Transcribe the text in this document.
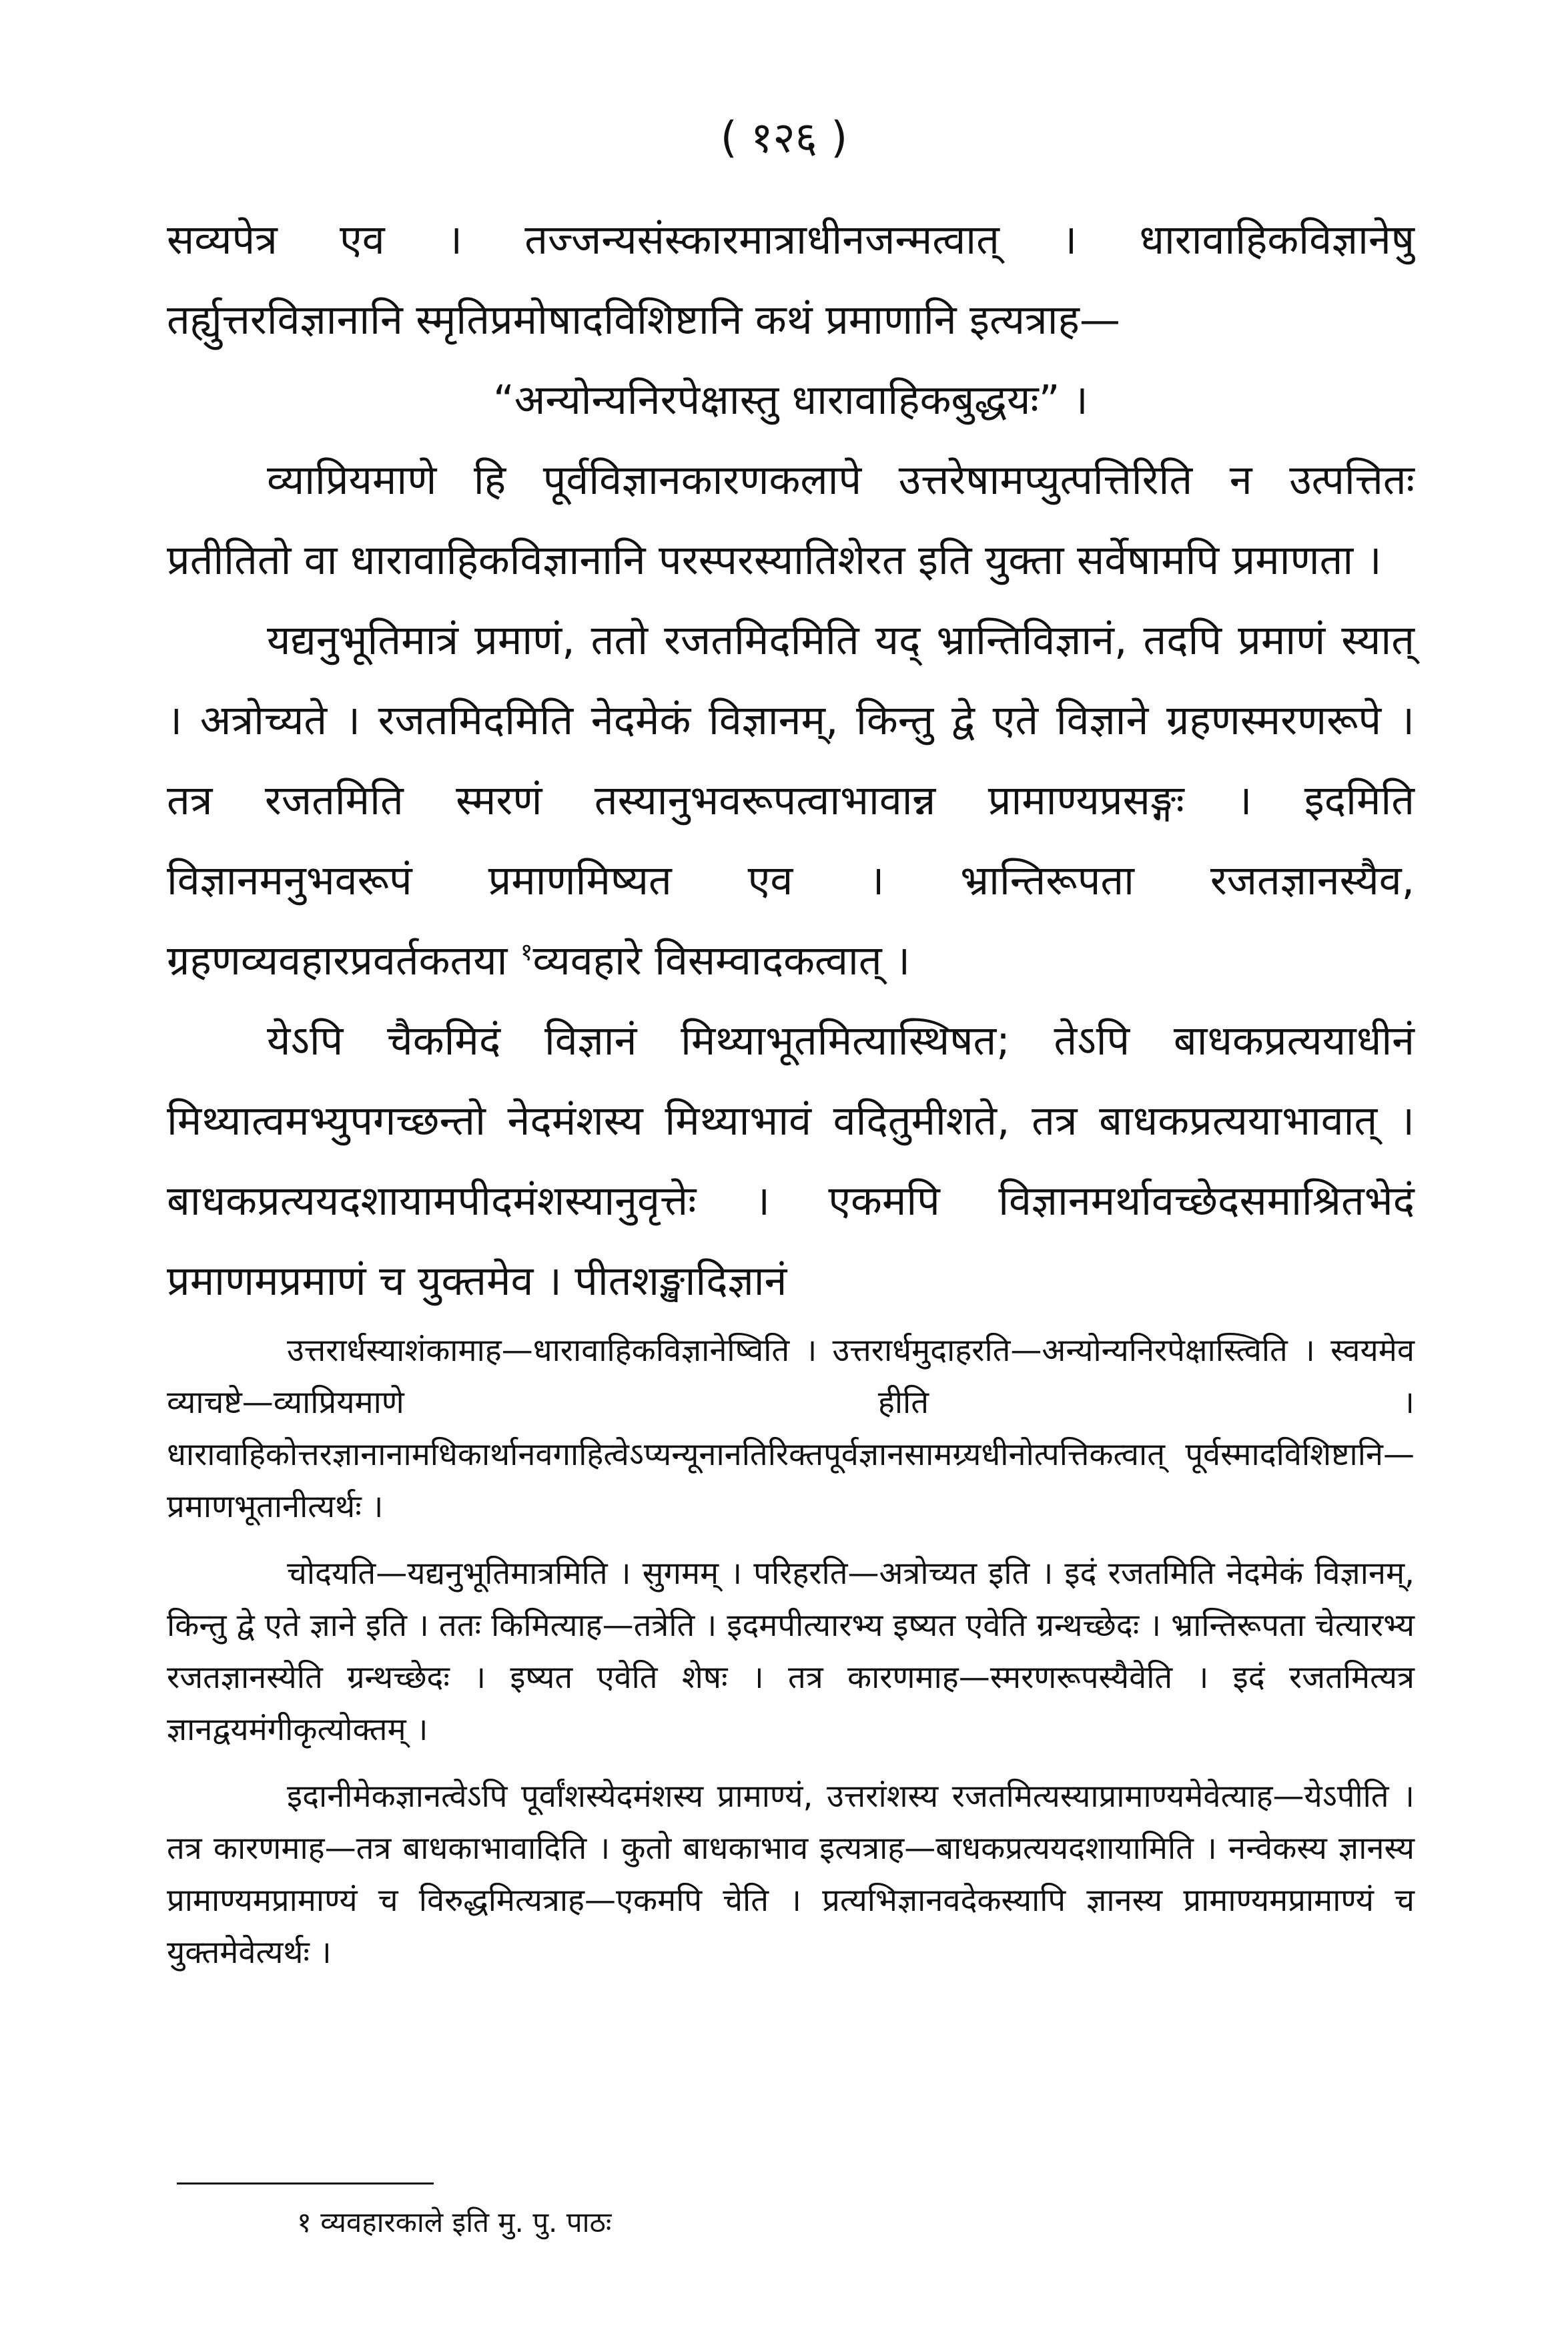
( १२६ )

सव्यपेत्र एव । तज्जन्यसंस्कारमात्राधीनजन्मत्वात् । धारावाहिकविज्ञानेषु तर्ह्युत्तरविज्ञानानि स्मृतिप्रमोषादविशिष्टानि कथं प्रमाणानि इत्यत्राह—

“अन्योन्यनिरपेक्षास्तु धारावाहिकबुद्धयः” ।

व्याप्रियमाणे हि पूर्वविज्ञानकारणकलापे उत्तरेषामप्युत्पत्तिरिति न उत्पत्तितः प्रतीतितो वा धारावाहिकविज्ञानानि परस्परस्यातिशेरत इति युक्ता सर्वेषामपि प्रमाणता ।

यद्यनुभूतिमात्रं प्रमाणं, ततो रजतमिदमिति यद् भ्रान्तिविज्ञानं, तदपि प्रमाणं स्यात् । अत्रोच्यते । रजतमिदमिति नेदमेकं विज्ञानम्, किन्तु द्वे एते विज्ञाने ग्रहणस्मरणरूपे । तत्र रजतमिति स्मरणं तस्यानुभवरूपत्वाभावान्न प्रामाण्यप्रसङ्गः । इदमिति विज्ञानमनुभवरूपं प्रमाणमिष्यत एव । भ्रान्तिरूपता रजतज्ञानस्यैव, ग्रहणव्यवहारप्रवर्तकतया $^१$व्यवहारे विसम्वादकत्वात् ।

येऽपि चैकमिदं विज्ञानं मिथ्याभूतमित्यास्थिषत; तेऽपि बाधकप्रत्ययाधीनं मिथ्यात्वमभ्युपगच्छन्तो नेदमंशस्य मिथ्याभावं वदितुमीशते, तत्र बाधकप्रत्ययाभावात् । बाधकप्रत्ययदशायामपीदमंशस्यानुवृत्तेः । एकमपि विज्ञानमर्थावच्छेदसमाश्रितभेदं प्रमाणमप्रमाणं च युक्तमेव । पीतशङ्खादिज्ञानं

उत्तरार्धस्याशंकामाह—धारावाहिकविज्ञानेष्विति । उत्तरार्धमुदाहरति—अन्योन्यनिरपेक्षास्त्विति । स्वयमेव व्याचष्टे—व्याप्रियमाणे हीति । धारावाहिकोत्तरज्ञानानामधिकार्थानवगाहित्वेऽप्यन्यूनानतिरिक्तपूर्वज्ञानसामग्र्यधीनोत्पत्तिकत्वात् पूर्वस्मादविशिष्टानि—प्रमाणभूतानीत्यर्थः ।

चोदयति—यद्यनुभूतिमात्रमिति । सुगमम् । परिहरति—अत्रोच्यत इति । इदं रजतमिति नेदमेकं विज्ञानम्, किन्तु द्वे एते ज्ञाने इति । ततः किमित्याह—तत्रेति । इदमपीत्यारभ्य इष्यत एवेति ग्रन्थच्छेदः । भ्रान्तिरूपता चेत्यारभ्य रजतज्ञानस्येति ग्रन्थच्छेदः । इष्यत एवेति शेषः । तत्र कारणमाह—स्मरणरूपस्यैवेति । इदं रजतमित्यत्र ज्ञानद्वयमंगीकृत्योक्तम् ।

इदानीमेकज्ञानत्वेऽपि पूर्वांशस्येदमंशस्य प्रामाण्यं, उत्तरांशस्य रजतमित्यस्याप्रामाण्यमेवेत्याह—येऽपीति । तत्र कारणमाह—तत्र बाधकाभावादिति । कुतो बाधकाभाव इत्यत्राह—बाधकप्रत्ययदशायामिति । नन्वेकस्य ज्ञानस्य प्रामाण्यमप्रामाण्यं च विरुद्धमित्यत्राह—एकमपि चेति । प्रत्यभिज्ञानवदेकस्यापि ज्ञानस्य प्रामाण्यमप्रामाण्यं च युक्तमेवेत्यर्थः ।

१ व्यवहारकाले इति मु. पु. पाठः
